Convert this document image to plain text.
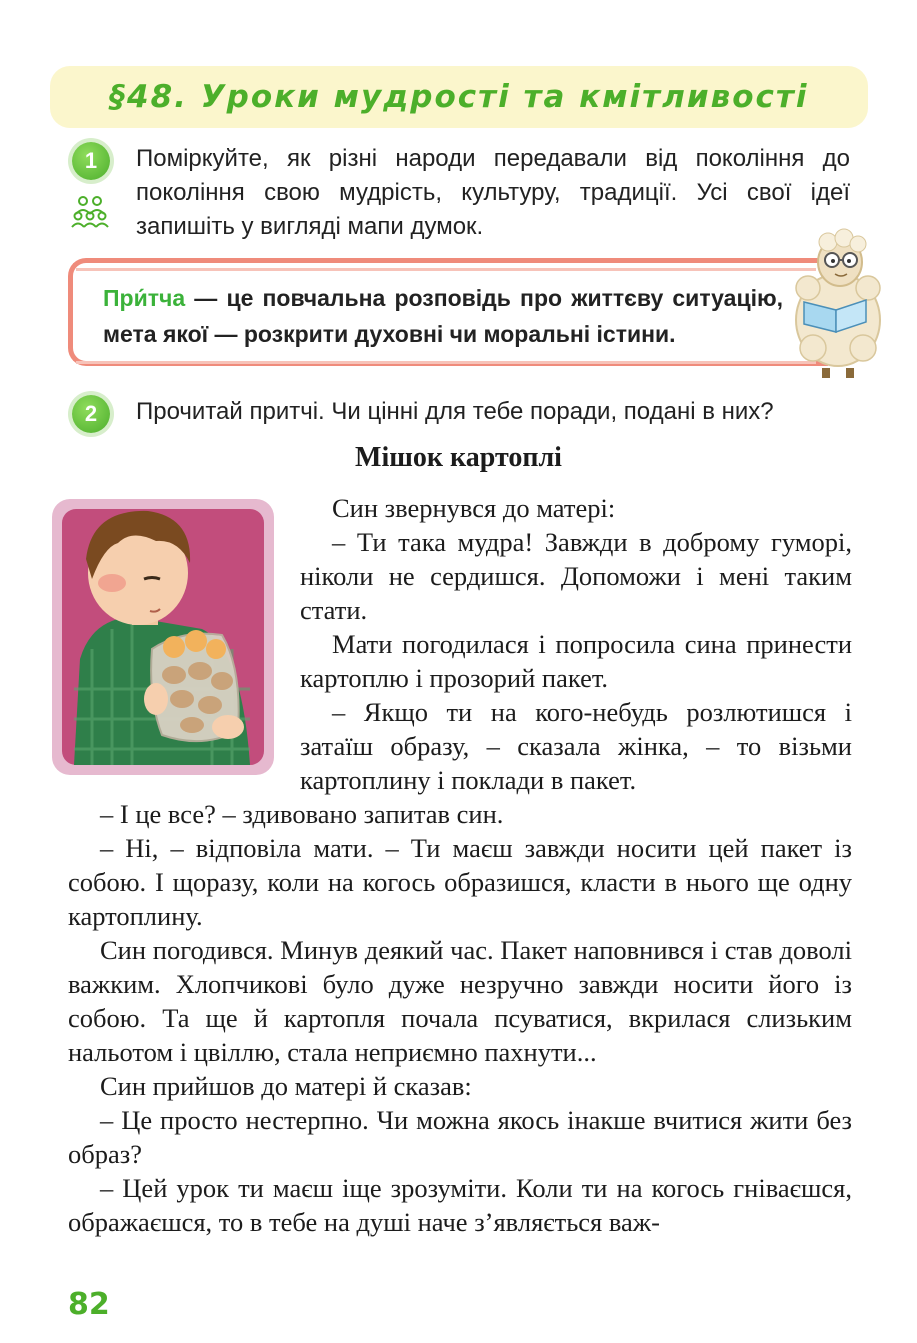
§48. Уроки мудрості та кмітливості
1	Поміркуйте, як різні народи передавали від покоління до покоління свою мудрість, культуру, традиції. Усі свої ідеї запишіть у вигляді мапи думок.

При́тча — це повчальна розповідь про життєву ситуацію, мета якої — розкрити духовні чи моральні істини.

2	Прочитай притчі. Чи цінні для тебе поради, подані в них?

Мішок картоплі

Син звернувся до матері:

– Ти така мудра! Завжди в доброму гуморі, ніколи не сердишся. Допоможи і мені таким стати.

Мати погодилася і попросила сина принести картоплю і прозорий пакет.

– Якщо ти на кого-небудь розлютишся і затаїш образу, – сказала жінка, – то візьми картоплину і поклади в пакет.

– І це все? – здивовано запитав син.

– Ні, – відповіла мати. – Ти маєш завжди носити цей пакет із собою. І щоразу, коли на когось образишся, класти в нього ще одну картоплину.

Син погодився. Минув деякий час. Пакет наповнився і став доволі важким. Хлопчикові було дуже незручно завжди носити його із собою. Та ще й картопля почала псуватися, вкрилася слизьким нальотом і цвіллю, стала неприємно пахнути...

Син прийшов до матері й сказав:

– Це просто нестерпно. Чи можна якось інакше вчитися жити без образ?

– Цей урок ти маєш іще зрозуміти. Коли ти на когось гніваєшся, ображаєшся, то в тебе на душі наче з’являється важ-

82
